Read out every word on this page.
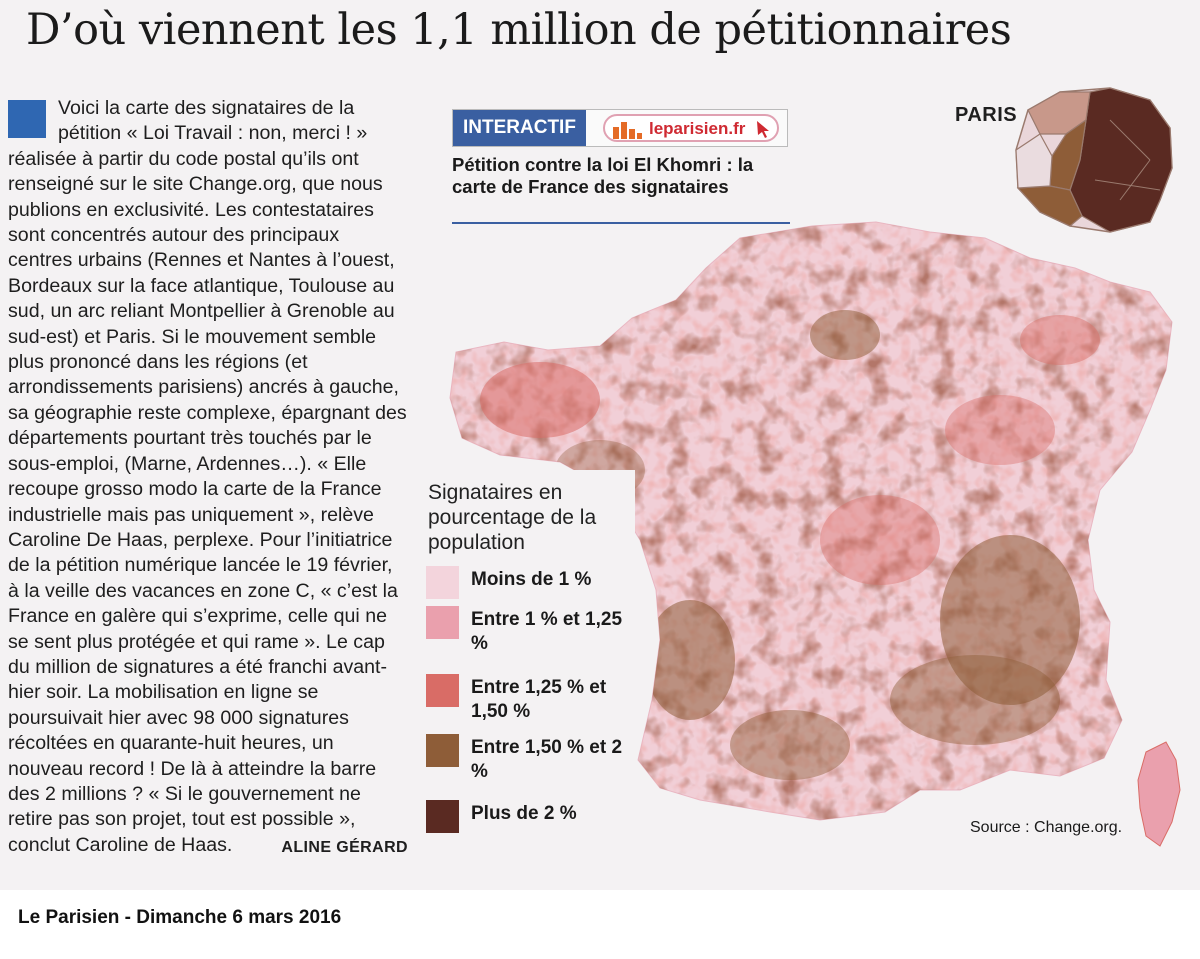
D’où viennent les 1,1 million de pétitionnaires

Voici la carte des signataires de la pétition « Loi Travail : non, merci ! » réalisée à partir du code postal qu’ils ont renseigné sur le site Change.org, que nous publions en exclusivité. Les contestataires sont concentrés autour des principaux centres urbains (Rennes et Nantes à l’ouest, Bordeaux sur la face atlantique, Toulouse au sud, un arc reliant Montpellier à Grenoble au sud-est) et Paris. Si le mouvement semble plus prononcé dans les régions (et arrondissements parisiens) ancrés à gauche, sa géographie reste complexe, épargnant des départements pourtant très touchés par le sous-emploi, (Marne, Ardennes…). « Elle recoupe grosso modo la carte de la France industrielle mais pas uniquement », relève Caroline De Haas, perplexe. Pour l’initiatrice de la pétition numérique lancée le 19 février, à la veille des vacances en zone C, « c’est la France en galère qui s’exprime, celle qui ne se sent plus protégée et qui rame ». Le cap du million de signatures a été franchi avant-hier soir. La mobilisation en ligne se poursuivait hier avec 98 000 signatures récoltées en quarante-huit heures, un nouveau record ! De là à atteindre la barre des 2 millions ? « Si le gouvernement ne retire pas son projet, tout est possible », conclut Caroline de Haas.	ALINE GÉRARD

PARIS
INTERACTIF	leparisien.fr

Pétition contre la loi El Khomri : la carte de France des signataires

Signataires en pourcentage de la population

Moins de 1 %
Entre 1 % et 1,25 %
Entre 1,25 % et 1,50 %
Entre 1,50 % et 2 %
Plus de 2 %
Source : Change.org.
Le Parisien - Dimanche 6 mars 2016
